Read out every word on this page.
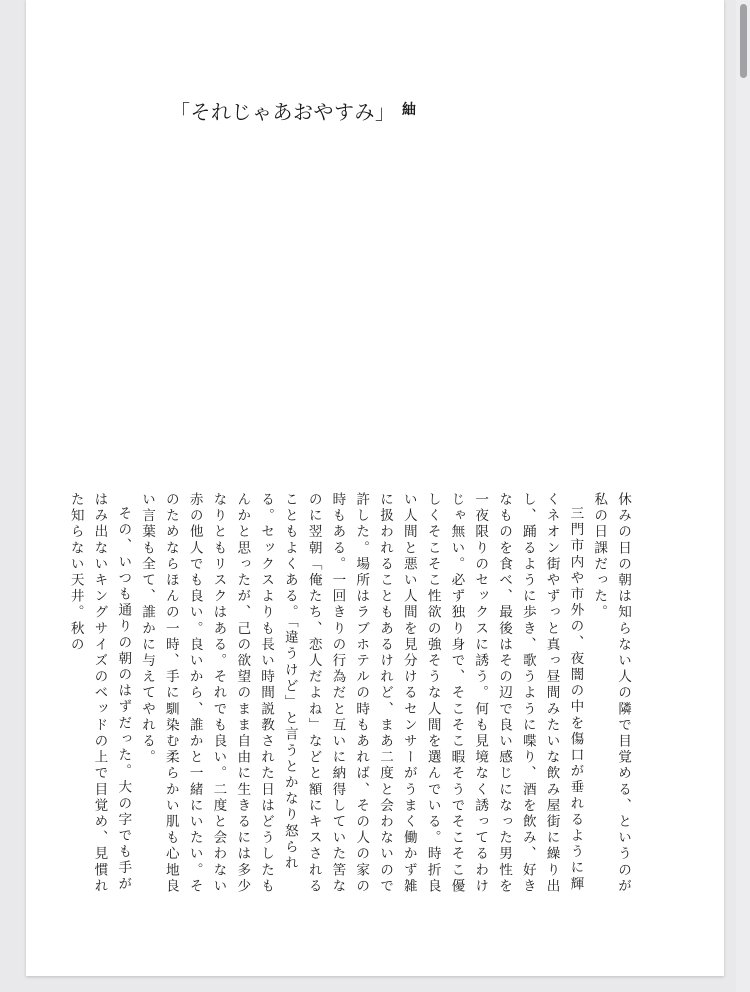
「それじゃあおやすみ」 紬

休みの日の朝は知らない人の隣で目覚める、というのが私の日課だった。

三門市内や市外の、夜闇の中を傷口が垂れるように輝くネオン街やずっと真っ昼間みたいな飲み屋街に繰り出し、踊るように歩き、歌うように喋り、酒を飲み、好きなものを食べ、最後はその辺で良い感じになった男性を一夜限りのセックスに誘う。何も見境なく誘ってるわけじゃ無い。必ず独り身で、そこそこ暇そうでそこそこ優しくそこそこ性欲の強そうな人間を選んでいる。時折良い人間と悪い人間を見分けるセンサーがうまく働かず雑に扱われることもあるけれど、まあ二度と会わないので許した。場所はラブホテルの時もあれば、その人の家の時もある。一回きりの行為だと互いに納得していた筈なのに翌朝「俺たち、恋人だよね」などと額にキスされることもよくある。「違うけど」と言うとかなり怒られる。セックスよりも長い時間説教された日はどうしたもんかと思ったが、己の欲望のまま自由に生きるには多少なりともリスクはある。それでも良い。二度と会わない赤の他人でも良い。良いから、誰かと一緒にいたい。そのためならほんの一時、手に馴染む柔らかい肌も心地良い言葉も全て、誰かに与えてやれる。

その、いつも通りの朝のはずだった。大の字でも手がはみ出ないキングサイズのベッドの上で目覚め、見慣れた知らない天井。秋の
